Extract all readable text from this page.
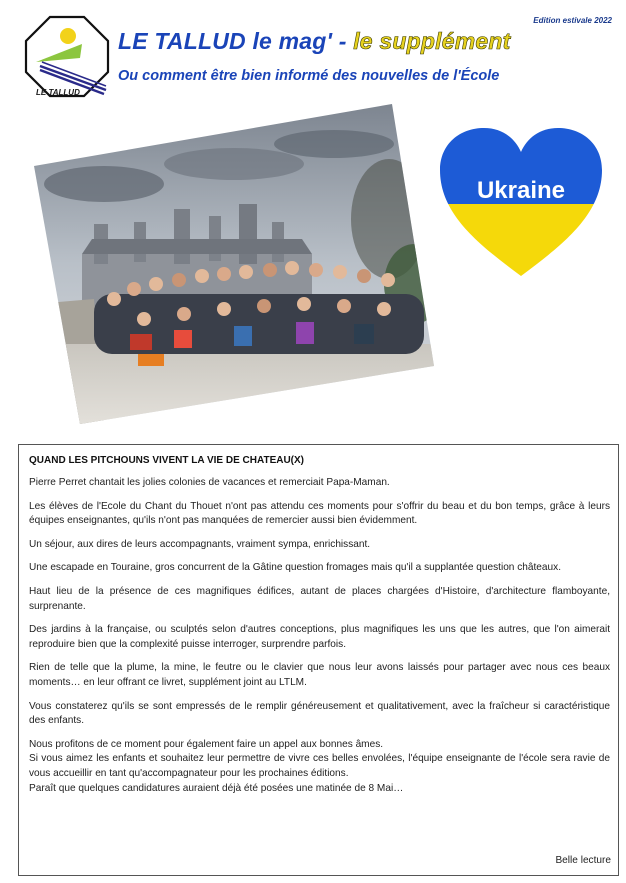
LE TALLUD
Edition estivale 2022
LE TALLUD le mag' - le supplément
Ou comment être bien informé des nouvelles de l'École
Ukraine
QUAND LES PITCHOUNS VIVENT LA VIE DE CHATEAU(X)

Pierre Perret chantait les jolies colonies de vacances et remerciait Papa-Maman.

Les élèves de l'Ecole du Chant du Thouet n'ont pas attendu ces moments pour s'offrir du beau et du bon temps, grâce à leurs équipes enseignantes, qu'ils n'ont pas manquées de remercier aussi bien évidemment.

Un séjour, aux dires de leurs accompagnants, vraiment sympa, enrichissant.

Une escapade en Touraine, gros concurrent de la Gâtine question fromages mais qu'il a supplantée question châteaux.

Haut lieu de la présence de ces magnifiques édifices, autant de places chargées d'Histoire, d'architecture flamboyante, surprenante.

Des jardins à la française, ou sculptés selon d'autres conceptions, plus magnifiques les uns que les autres, que l'on aimerait reproduire bien que la complexité puisse interroger, surprendre parfois.

Rien de telle que la plume, la mine, le feutre ou le clavier que nous leur avons laissés pour partager avec nous ces beaux moments… en leur offrant ce livret, supplément joint au LTLM.

Vous constaterez qu'ils se sont empressés de le remplir généreusement et qualitativement, avec la fraîcheur si caractéristique des enfants.

Nous profitons de ce moment pour également faire un appel aux bonnes âmes.

Si vous aimez les enfants et souhaitez leur permettre de vivre ces belles envolées, l'équipe enseignante de l'école sera ravie de vous accueillir en tant qu'accompagnateur pour les prochaines éditions.

Paraît que quelques candidatures auraient déjà été posées une matinée de 8 Mai…

Belle lecture
